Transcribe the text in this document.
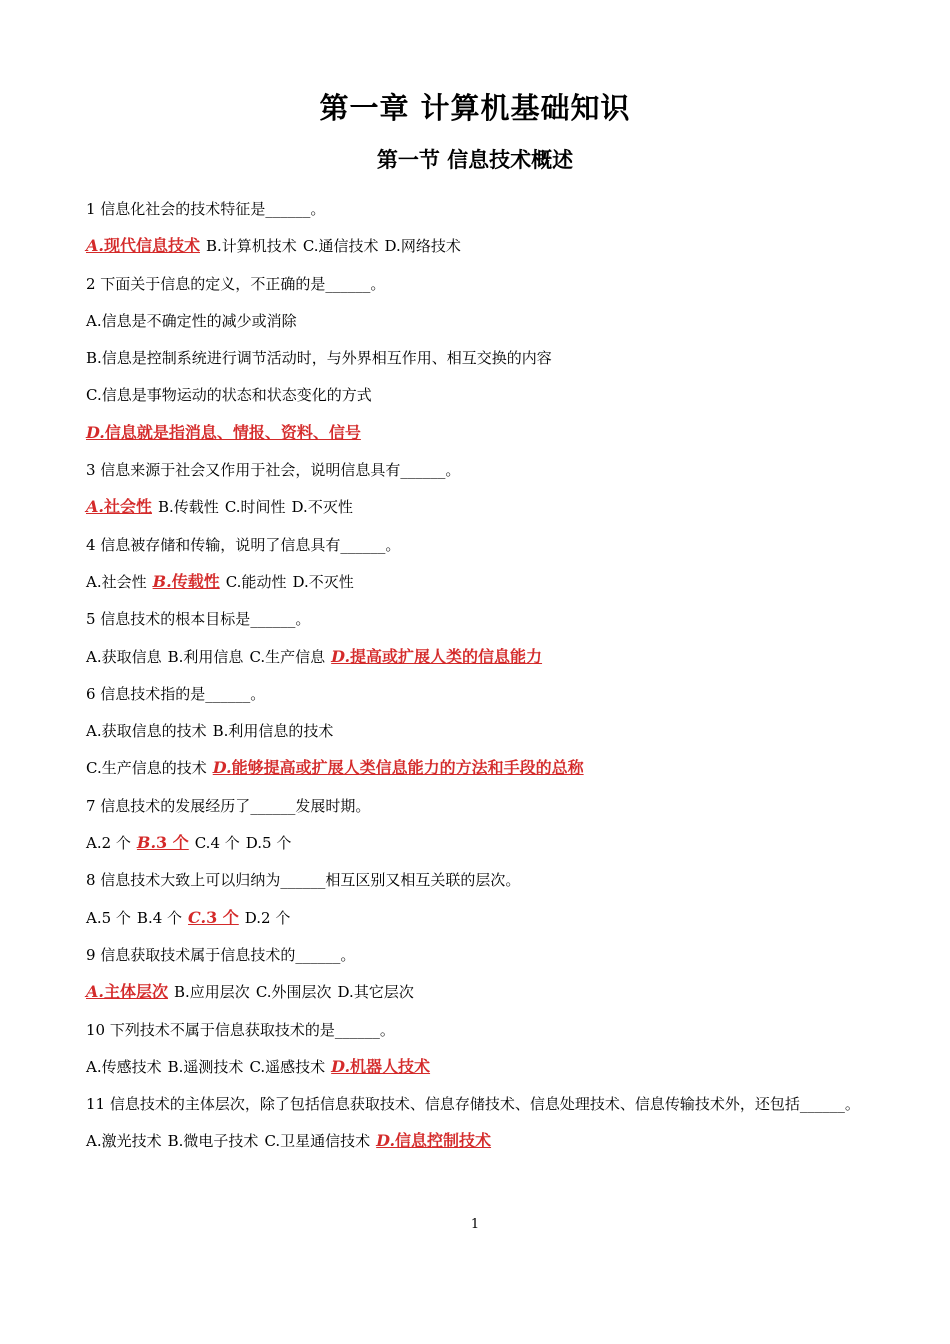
第一章 计算机基础知识
第一节 信息技术概述
1 信息化社会的技术特征是______。
A.现代信息技术 B.计算机技术 C.通信技术 D.网络技术
2 下面关于信息的定义，不正确的是______。
A.信息是不确定性的减少或消除
B.信息是控制系统进行调节活动时，与外界相互作用、相互交换的内容
C.信息是事物运动的状态和状态变化的方式
D.信息就是指消息、情报、资料、信号
3 信息来源于社会又作用于社会，说明信息具有______。
A.社会性 B.传载性 C.时间性 D.不灭性
4 信息被存储和传输，说明了信息具有______。
A.社会性 B.传载性 C.能动性 D.不灭性
5 信息技术的根本目标是______。
A.获取信息 B.利用信息 C.生产信息 D.提高或扩展人类的信息能力
6 信息技术指的是______。
A.获取信息的技术 B.利用信息的技术
C.生产信息的技术 D.能够提高或扩展人类信息能力的方法和手段的总称
7 信息技术的发展经历了______发展时期。
A.2 个 B.3 个 C.4 个 D.5 个
8 信息技术大致上可以归纳为______相互区别又相互关联的层次。
A.5 个 B.4 个 C.3 个 D.2 个
9 信息获取技术属于信息技术的______。
A.主体层次 B.应用层次 C.外围层次 D.其它层次
10 下列技术不属于信息获取技术的是______。
A.传感技术 B.遥测技术 C.遥感技术 D.机器人技术
11 信息技术的主体层次，除了包括信息获取技术、信息存储技术、信息处理技术、信息传输技术外，还包括______。
A.激光技术 B.微电子技术 C.卫星通信技术 D.信息控制技术
1
